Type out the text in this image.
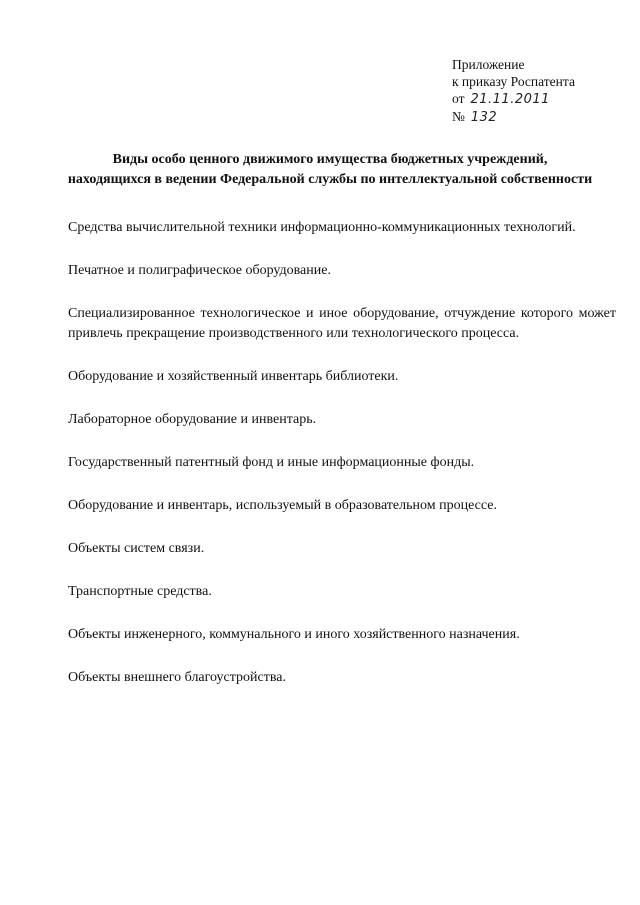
Приложение
к приказу Роспатента
от 21.11.2011
№ 132
Виды особо ценного движимого имущества бюджетных учреждений,
находящихся в ведении Федеральной службы по интеллектуальной собственности

Средства вычислительной техники информационно-коммуникационных технологий.

Печатное и полиграфическое оборудование.

Специализированное технологическое и иное оборудование, отчуждение которого может привлечь прекращение производственного или технологического процесса.

Оборудование и хозяйственный инвентарь библиотеки.

Лабораторное оборудование и инвентарь.

Государственный патентный фонд и иные информационные фонды.

Оборудование и инвентарь, используемый в образовательном процессе.

Объекты систем связи.

Транспортные средства.

Объекты инженерного, коммунального и иного хозяйственного назначения.

Объекты внешнего благоустройства.
